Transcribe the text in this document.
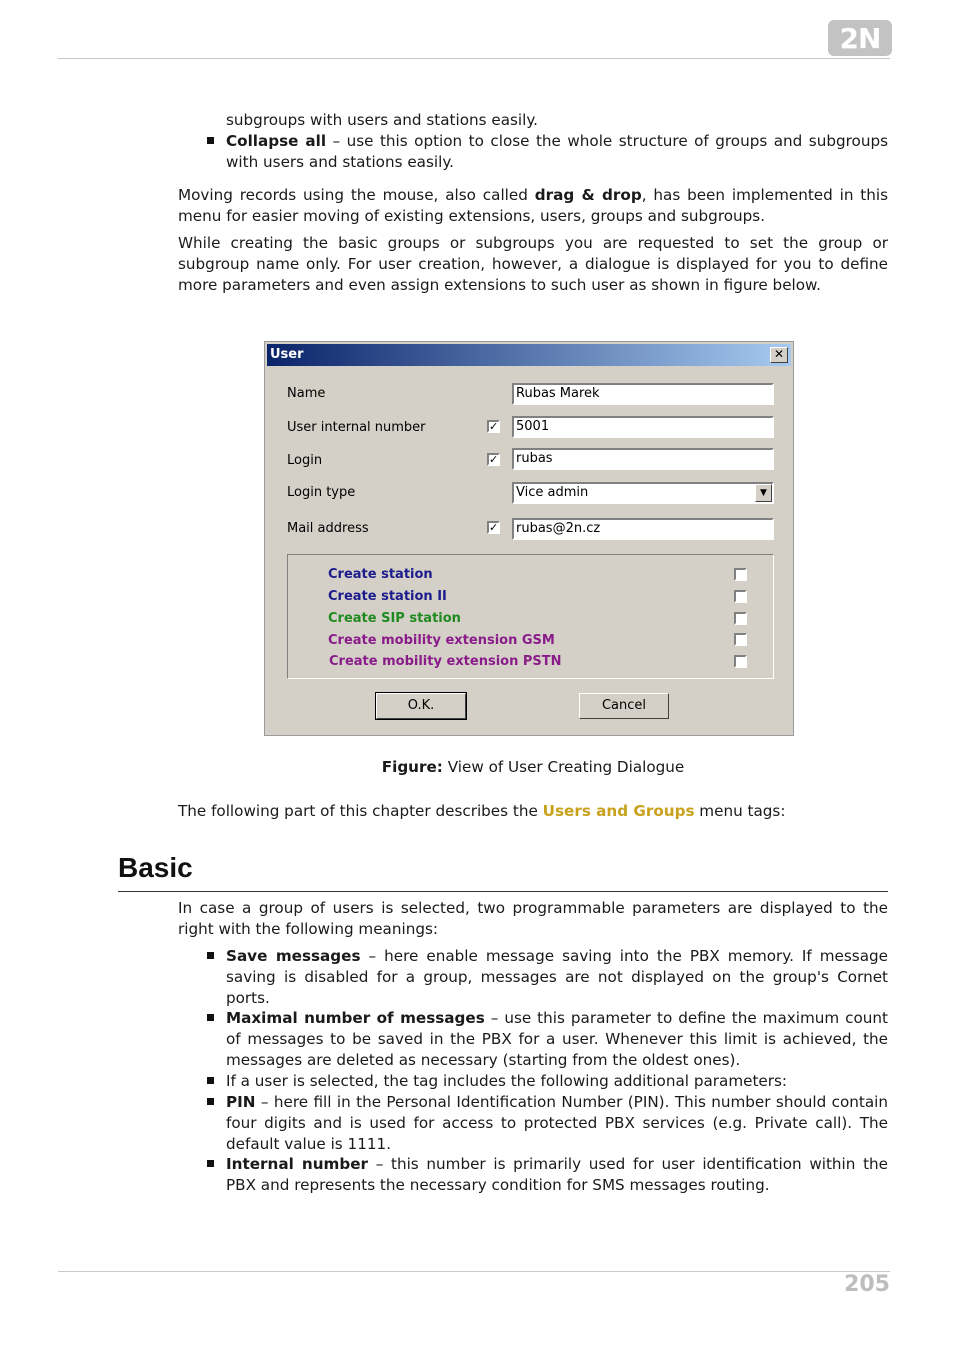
2N
subgroups with users and stations easily.
Collapse all – use this option to close the whole structure of groups and subgroups with users and stations easily.
Moving records using the mouse, also called drag & drop, has been implemented in this menu for easier moving of existing extensions, users, groups and subgroups.
While creating the basic groups or subgroups you are requested to set the group or subgroup name only. For user creation, however, a dialogue is displayed for you to define more parameters and even assign extensions to such user as shown in figure below.
User	✕
Name	Rubas Marek
User internal number	✓	5001
Login	✓	rubas
Login type	Vice admin	▼
Mail address	✓	rubas@2n.cz
Create station
Create station II
Create SIP station
Create mobility extension GSM
Create mobility extension PSTN
O.K.	Cancel
Figure: View of User Creating Dialogue
The following part of this chapter describes the Users and Groups menu tags:
Basic
In case a group of users is selected, two programmable parameters are displayed to the right with the following meanings:
Save messages – here enable message saving into the PBX memory. If message saving is disabled for a group, messages are not displayed on the group's Cornet ports.
Maximal number of messages – use this parameter to define the maximum count of messages to be saved in the PBX for a user. Whenever this limit is achieved, the messages are deleted as necessary (starting from the oldest ones).
If a user is selected, the tag includes the following additional parameters:
PIN – here fill in the Personal Identification Number (PIN). This number should contain four digits and is used for access to protected PBX services (e.g. Private call). The default value is 1111.
Internal number – this number is primarily used for user identification within the PBX and represents the necessary condition for SMS messages routing.
205
